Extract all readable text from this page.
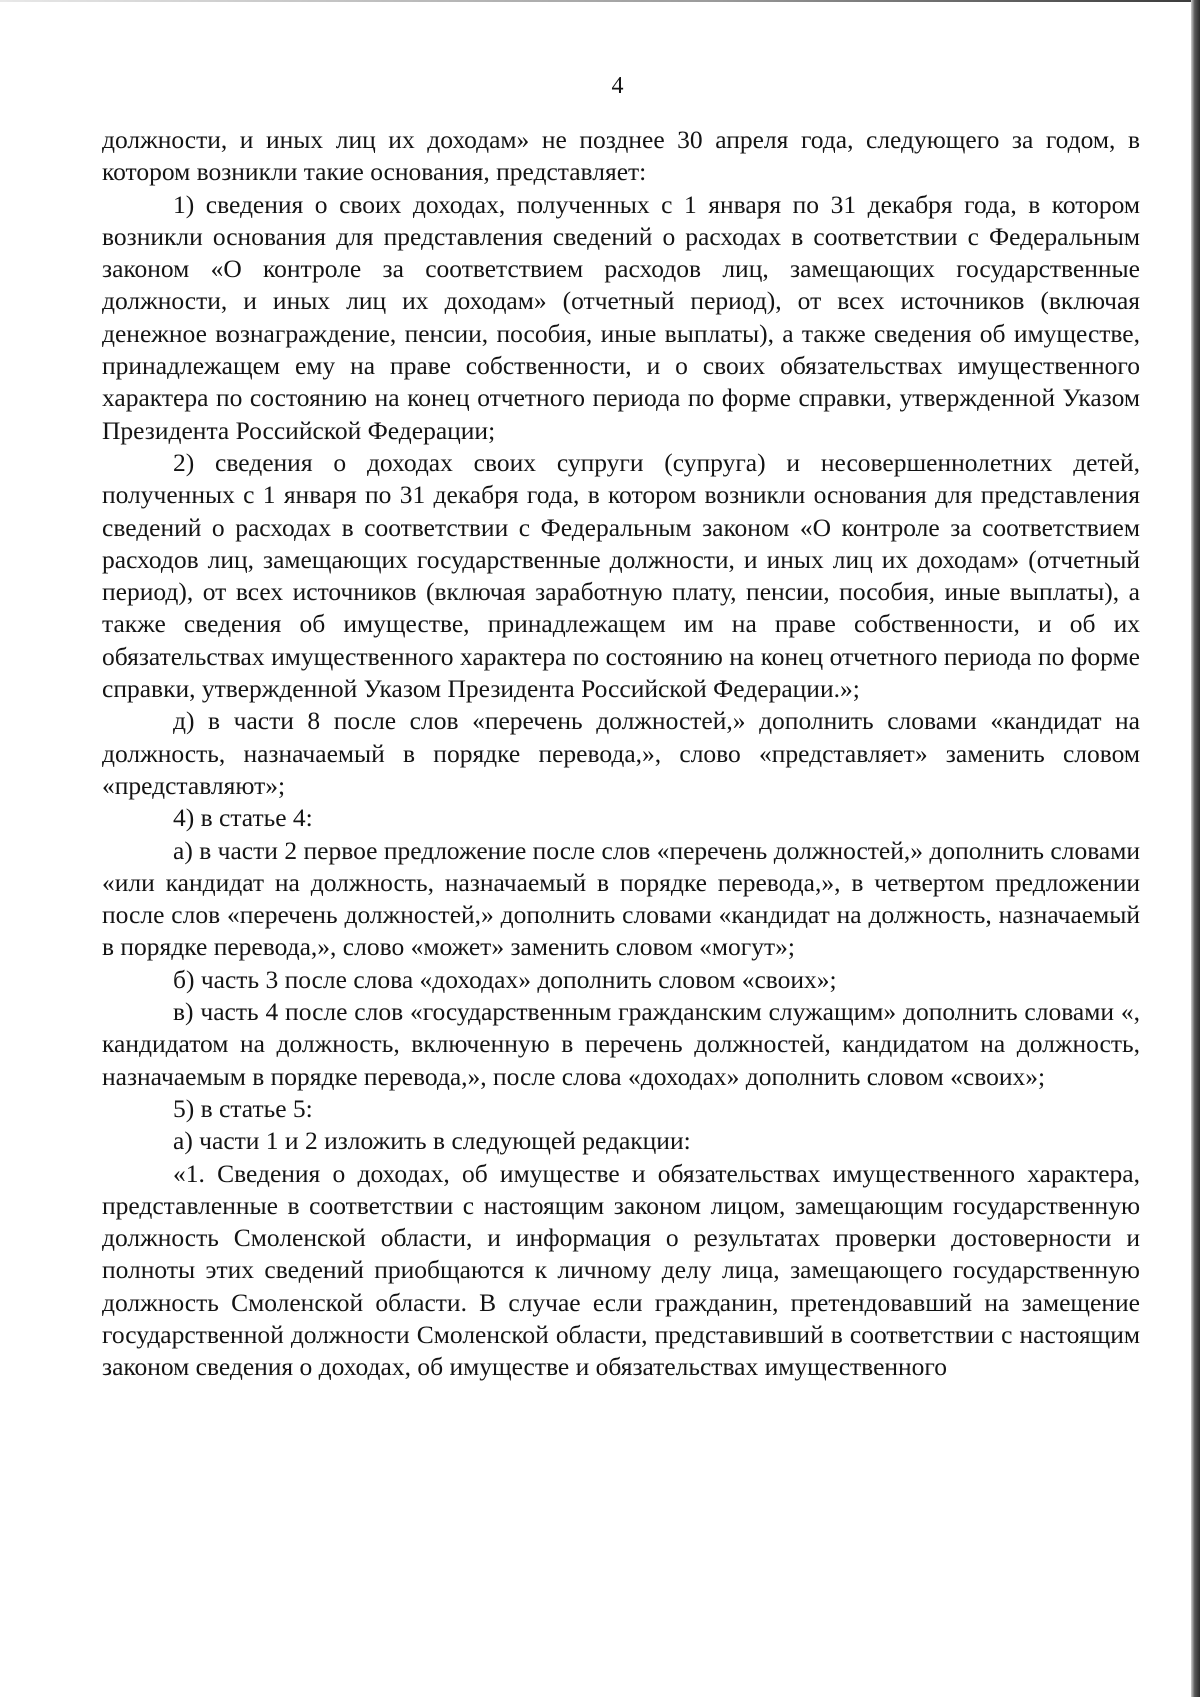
4

должности, и иных лиц их доходам» не позднее 30 апреля года, следующего за годом, в котором возникли такие основания, представляет:

1) сведения о своих доходах, полученных с 1 января по 31 декабря года, в котором возникли основания для представления сведений о расходах в соответствии с Федеральным законом «О контроле за соответствием расходов лиц, замещающих государственные должности, и иных лиц их доходам» (отчетный период), от всех источников (включая денежное вознаграждение, пенсии, пособия, иные выплаты), а также сведения об имуществе, принадлежащем ему на праве собственности, и о своих обязательствах имущественного характера по состоянию на конец отчетного периода по форме справки, утвержденной Указом Президента Российской Федерации;

2) сведения о доходах своих супруги (супруга) и несовершеннолетних детей, полученных с 1 января по 31 декабря года, в котором возникли основания для представления сведений о расходах в соответствии с Федеральным законом «О контроле за соответствием расходов лиц, замещающих государственные должности, и иных лиц их доходам» (отчетный период), от всех источников (включая заработную плату, пенсии, пособия, иные выплаты), а также сведения об имуществе, принадлежащем им на праве собственности, и об их обязательствах имущественного характера по состоянию на конец отчетного периода по форме справки, утвержденной Указом Президента Российской Федерации.»;

д) в части 8 после слов «перечень должностей,» дополнить словами «кандидат на должность, назначаемый в порядке перевода,», слово «представляет» заменить словом «представляют»;

4) в статье 4:

а) в части 2 первое предложение после слов «перечень должностей,» дополнить словами «или кандидат на должность, назначаемый в порядке перевода,», в четвертом предложении после слов «перечень должностей,» дополнить словами «кандидат на должность, назначаемый в порядке перевода,», слово «может» заменить словом «могут»;

б) часть 3 после слова «доходах» дополнить словом «своих»;

в) часть 4 после слов «государственным гражданским служащим» дополнить словами «, кандидатом на должность, включенную в перечень должностей, кандидатом на должность, назначаемым в порядке перевода,», после слова «доходах» дополнить словом «своих»;

5) в статье 5:

а) части 1 и 2 изложить в следующей редакции:

«1. Сведения о доходах, об имуществе и обязательствах имущественного характера, представленные в соответствии с настоящим законом лицом, замещающим государственную должность Смоленской области, и информация о результатах проверки достоверности и полноты этих сведений приобщаются к личному делу лица, замещающего государственную должность Смоленской области. В случае если гражданин, претендовавший на замещение государственной должности Смоленской области, представивший в соответствии с настоящим законом сведения о доходах, об имуществе и обязательствах имущественного
